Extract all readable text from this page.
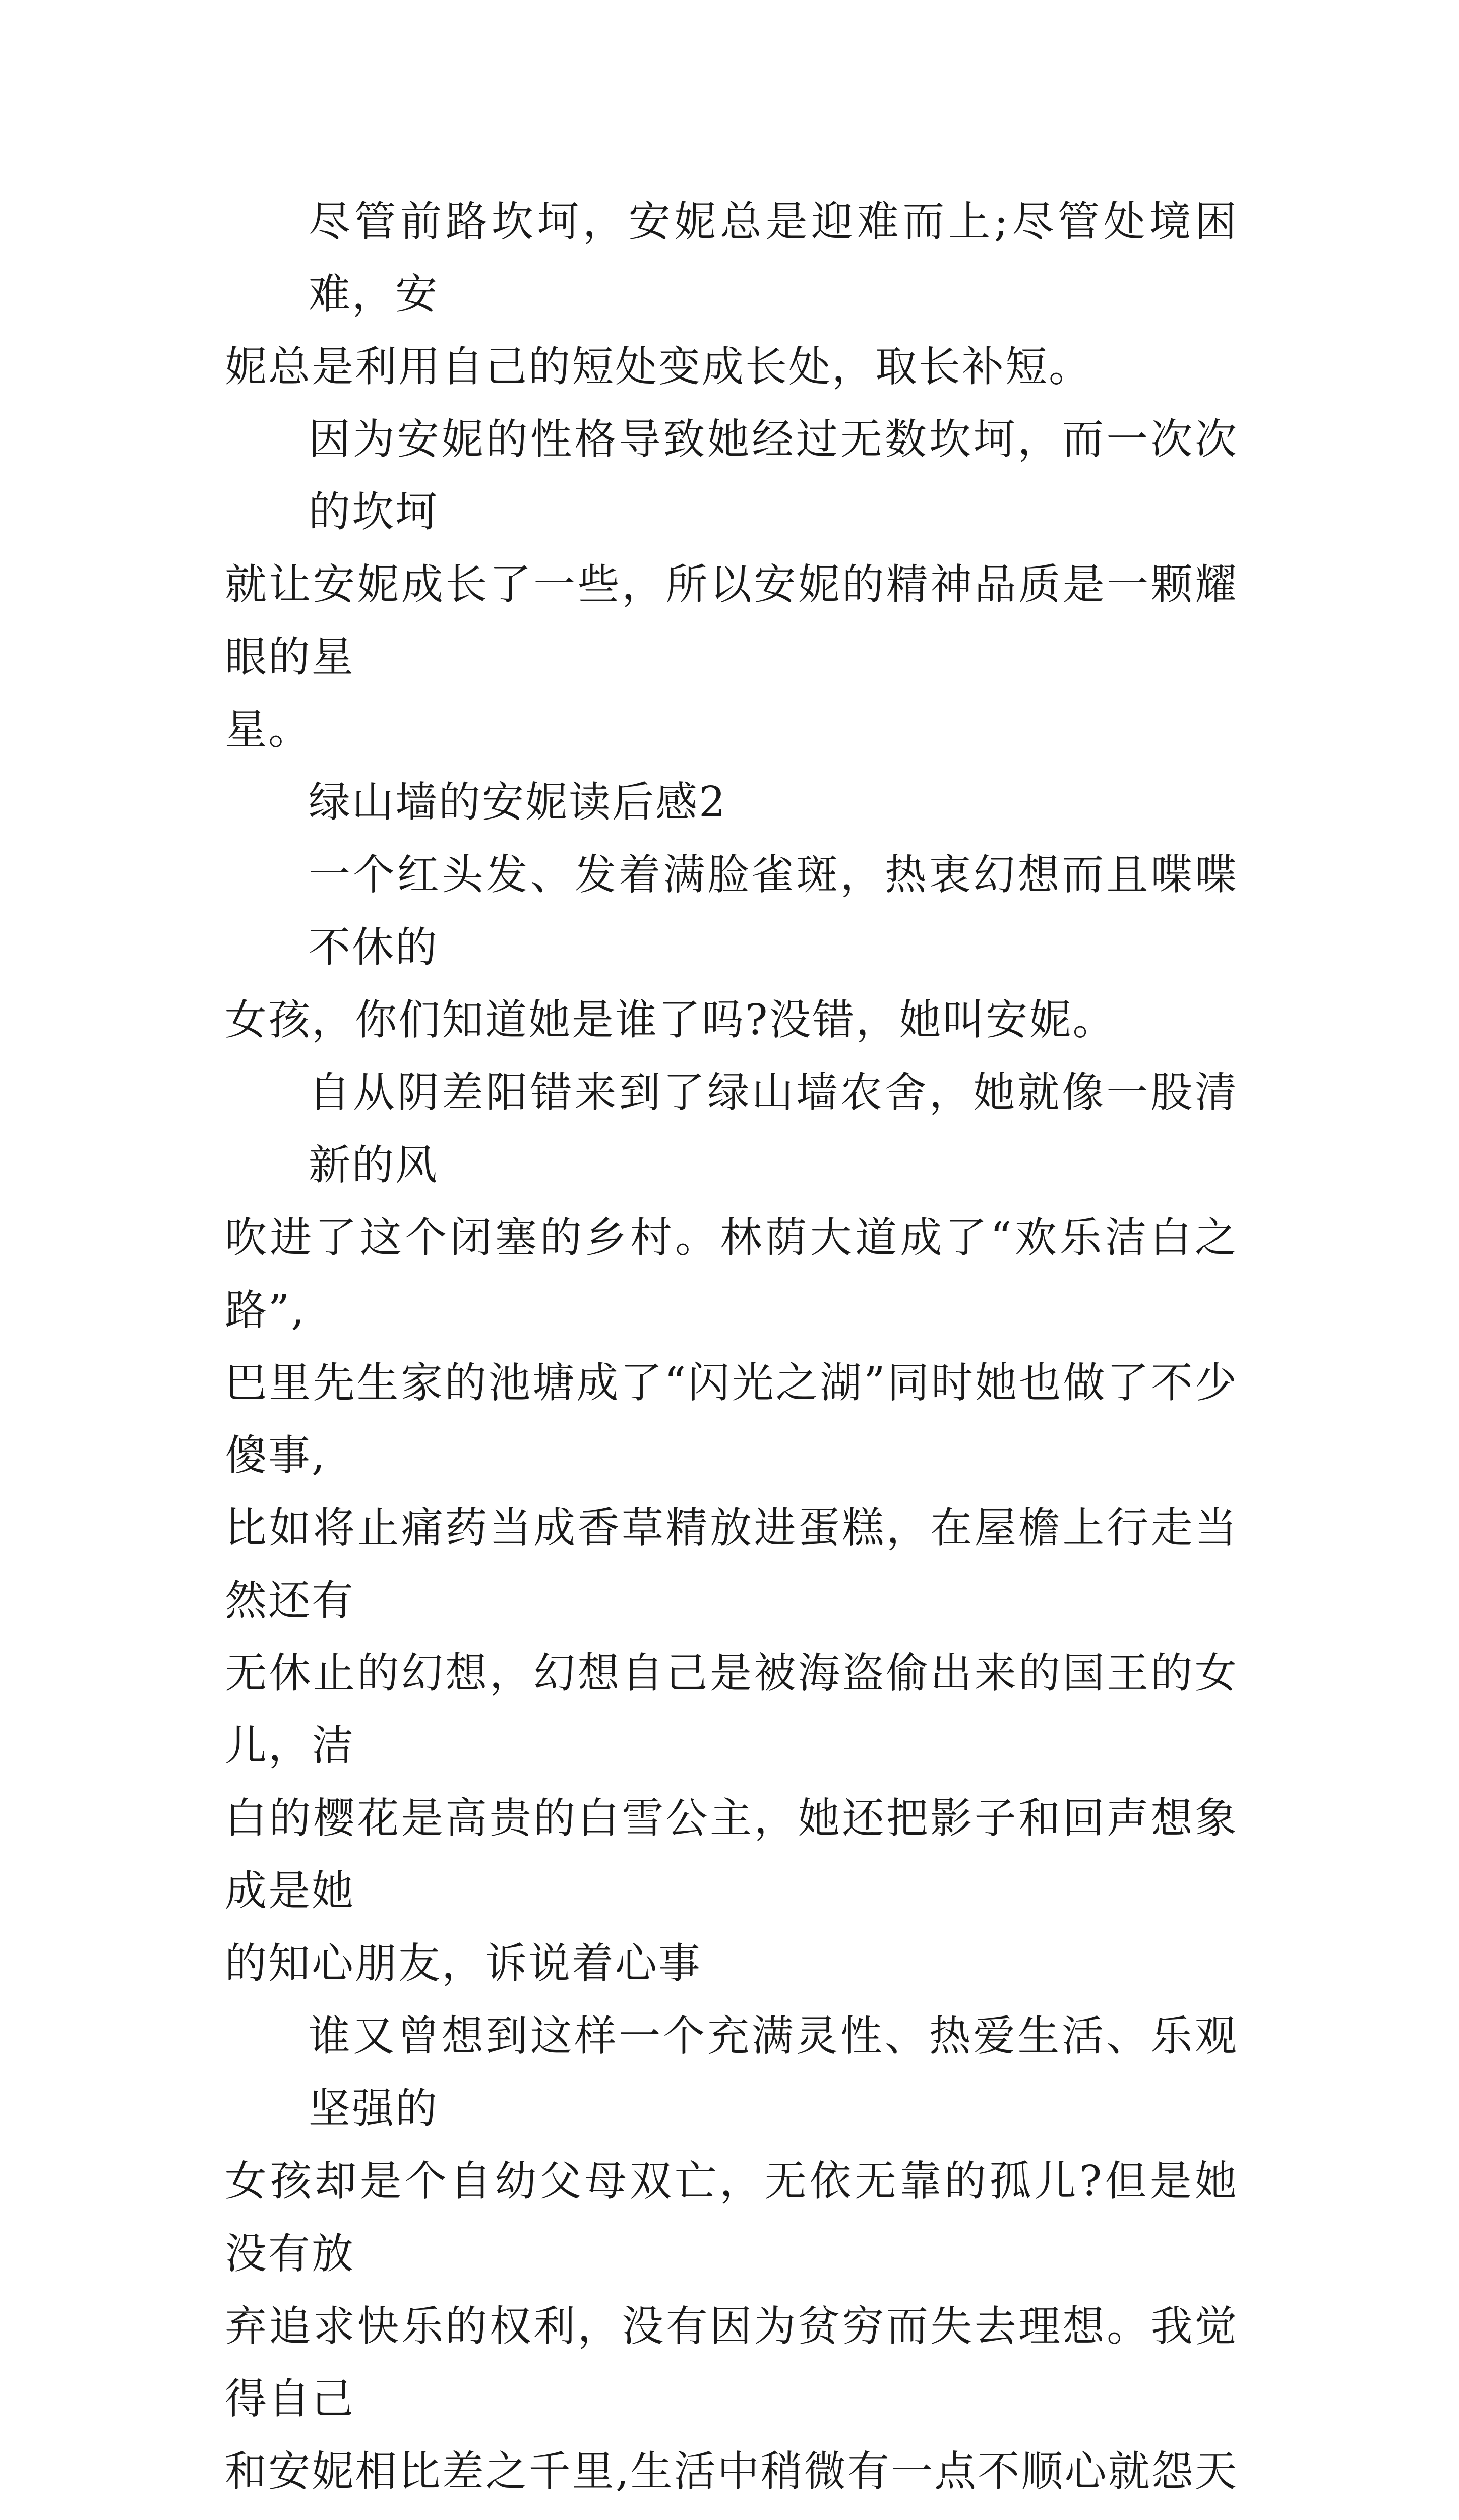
尽管前路坎坷，安妮总是迎难而上;尽管处境困难，安
妮总是利用自己的短处变成长处，取长补短。

因为安妮的性格导致她经过无数坎坷，而一次次的坎坷
就让安妮成长了一些，所以安妮的精神品质是一颗耀眼的星
星。

绿山墙的安妮读后感2

一个红头发、发着满脸雀斑，热衷幻想而且喋喋不休的
女孩，你们知道她是谁了吗?没错，她叫安妮。

自从阴差阳错来到了绿山墙农舍，她就像一股清新的风
吹进了这个闭塞的乡村。林荫大道成了“欢乐洁白之路”,
巴里先生家的池塘成了“闪光之湖”同时她也做了不少傻事,
比如将止痛药当成香草精放进蛋糕，在屋檐上行走当然还有
无休止的幻想，幻想自己是被海盗偷出来的国王的女儿，洁
白的樱花是高贵的白雪公主，她还把影子和回声想象成是她
的知心朋友，诉说着心事

谁又曾想到这样一个充满灵性、热爱生活、乐观坚强的
女孩却是个自幼父母双亡，无依无靠的孤儿?但是她没有放
弃追求快乐的权利，没有因为贫穷而失去理想。我觉得自己
和安妮相比差之千里,生活中稍微有一点不顺心就怨天
